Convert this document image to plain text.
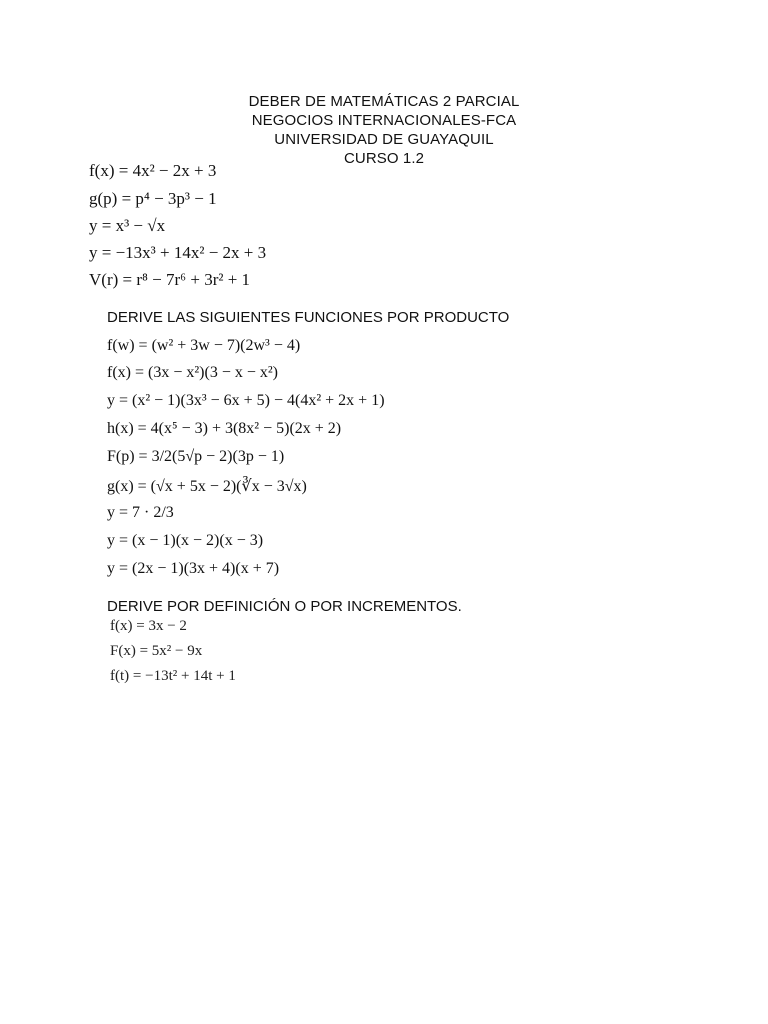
DEBER DE MATEMÁTICAS 2 PARCIAL
NEGOCIOS INTERNACIONALES-FCA
UNIVERSIDAD DE GUAYAQUIL
CURSO 1.2
f(x) = 4x² − 2x + 3
g(p) = p⁴ − 3p³ − 1
y = x³ − √x
y = −13x³ + 14x² − 2x + 3
V(r) = r⁸ − 7r⁶ + 3r² + 1
DERIVE LAS SIGUIENTES FUNCIONES POR PRODUCTO
f(w) = (w² + 3w − 7)(2w³ − 4)
f(x) = (3x − x²)(3 − x − x²)
y = (x² − 1)(3x³ − 6x + 5) − 4(4x² + 2x + 1)
h(x) = 4(x⁵ − 3) + 3(8x² − 5)(2x + 2)
F(p) = 3/2(5√p − 2)(3p − 1)
g(x) = (√x + 5x − 2)(∛x − 3√x)
y = 7 · 2/3
y = (x − 1)(x − 2)(x − 3)
y = (2x − 1)(3x + 4)(x + 7)
DERIVE POR DEFINICIÓN O POR INCREMENTOS.
f(x) = 3x − 2
F(x) = 5x² − 9x
f(t) = −13t² + 14t + 1
